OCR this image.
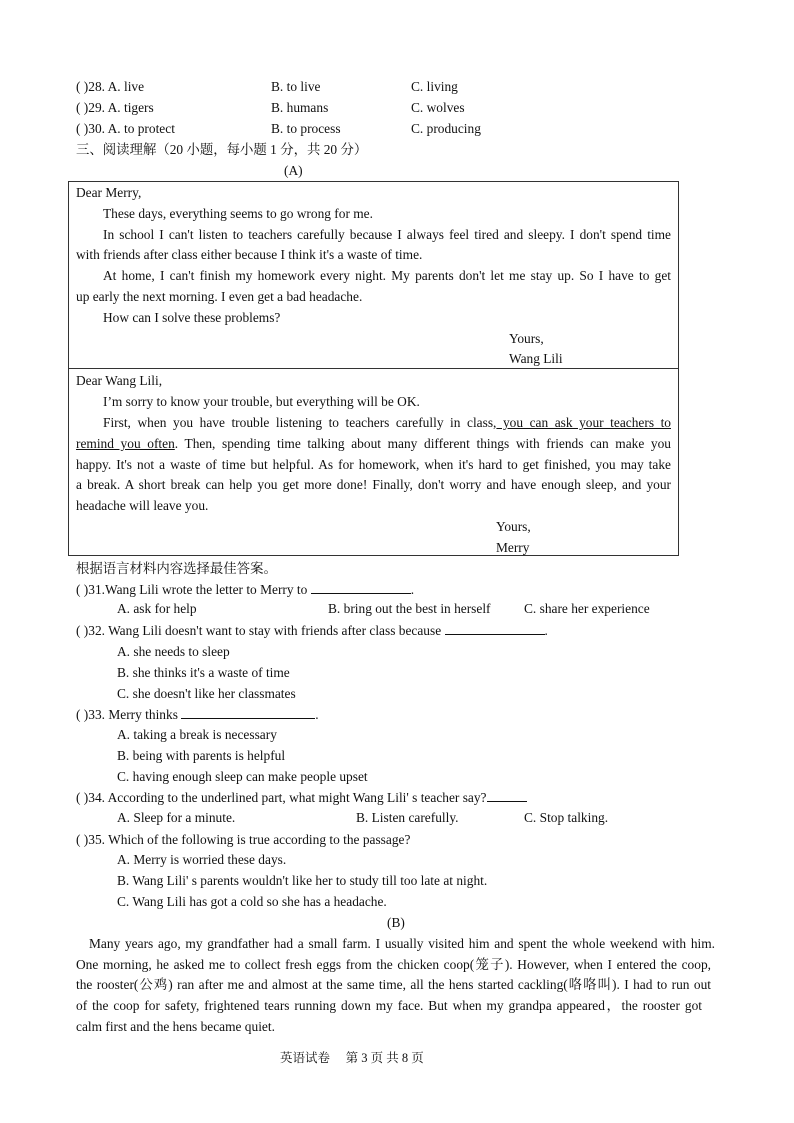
( )28. A. live	B. to live	C. living
( )29. A. tigers	B. humans	C. wolves
( )30. A. to protect	B. to process	C. producing
三、阅读理解（20 小题，每小题 1 分，共 20 分）
(A)
Dear Merry,
These days, everything seems to go wrong for me.
In school I can't listen to teachers carefully because I always feel tired and sleepy. I don't spend time
with friends after class either because I think it's a waste of time.
At home, I can't finish my homework every night. My parents don't let me stay up. So I have to get
up early the next morning. I even get a bad headache.
How can I solve these problems?
Yours,
Wang Lili
Dear Wang Lili,
I’m sorry to know your trouble, but everything will be OK.
First, when you have trouble listening to teachers carefully in class, you can ask your teachers to
remind you often. Then, spending time talking about many different things with friends can make you
happy. It's not a waste of time but helpful. As for homework, when it's hard to get finished, you may take
a break. A short break can help you get more done! Finally, don't worry and have enough sleep, and your
headache will leave you.
Yours,
Merry
根据语言材料内容选择最佳答案。
( )31.Wang Lili wrote the letter to Merry to	.
A. ask for help	B. bring out the best in herself C. share her experience
( )32. Wang Lili doesn't want to stay with friends after class because	.
A. she needs to sleep
B. she thinks it's a waste of time
C. she doesn't like her classmates
( )33. Merry thinks	.
A. taking a break is necessary
B. being with parents is helpful
C. having enough sleep can make people upset
( )34. According to the underlined part, what might Wang Lili' s teacher say?
A. Sleep for a minute.	B. Listen carefully.	C. Stop talking.
( )35. Which of the following is true according to the passage?
A. Merry is worried these days.
B. Wang Lili' s parents wouldn't like her to study till too late at night.
C. Wang Lili has got a cold so she has a headache.
(B)
Many years ago, my grandfather had a small farm. I usually visited him and spent the whole weekend with him.
One morning, he asked me to collect fresh eggs from the chicken coop(笼子). However, when I entered the coop,
the rooster(公鸡) ran after me and almost at the same time, all the hens started cackling(咯咯叫). I had to run out
of the coop for safety, frightened tears running down my face. But when my grandpa appeared，the rooster got
calm first and the hens became quiet.
英语试卷　 第 3 页 共 8 页
